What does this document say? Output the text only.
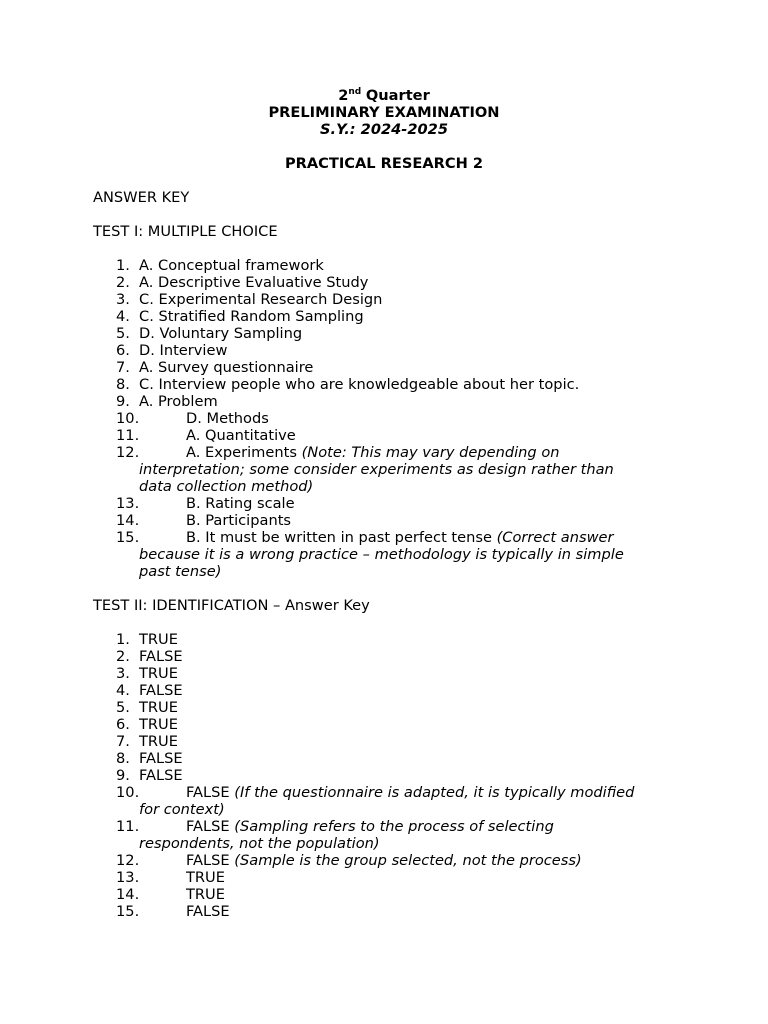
2nd Quarter
PRELIMINARY EXAMINATION
S.Y.: 2024-2025
PRACTICAL RESEARCH 2
ANSWER KEY
TEST I: MULTIPLE CHOICE
1. A. Conceptual framework
2. A. Descriptive Evaluative Study
3. C. Experimental Research Design
4. C. Stratified Random Sampling
5. D. Voluntary Sampling
6. D. Interview
7. A. Survey questionnaire
8. C. Interview people who are knowledgeable about her topic.
9. A. Problem
10.	D. Methods
11.	A. Quantitative
12.	A. Experiments (Note: This may vary depending on
interpretation; some consider experiments as design rather than
data collection method)
13.	B. Rating scale
14.	B. Participants
15.	B. It must be written in past perfect tense (Correct answer
because it is a wrong practice – methodology is typically in simple
past tense)
TEST II: IDENTIFICATION – Answer Key
1. TRUE
2. FALSE
3. TRUE
4. FALSE
5. TRUE
6. TRUE
7. TRUE
8. FALSE
9. FALSE
10.	FALSE (If the questionnaire is adapted, it is typically modified
for context)
11.	FALSE (Sampling refers to the process of selecting
respondents, not the population)
12.	FALSE (Sample is the group selected, not the process)
13.	TRUE
14.	TRUE
15.	FALSE
